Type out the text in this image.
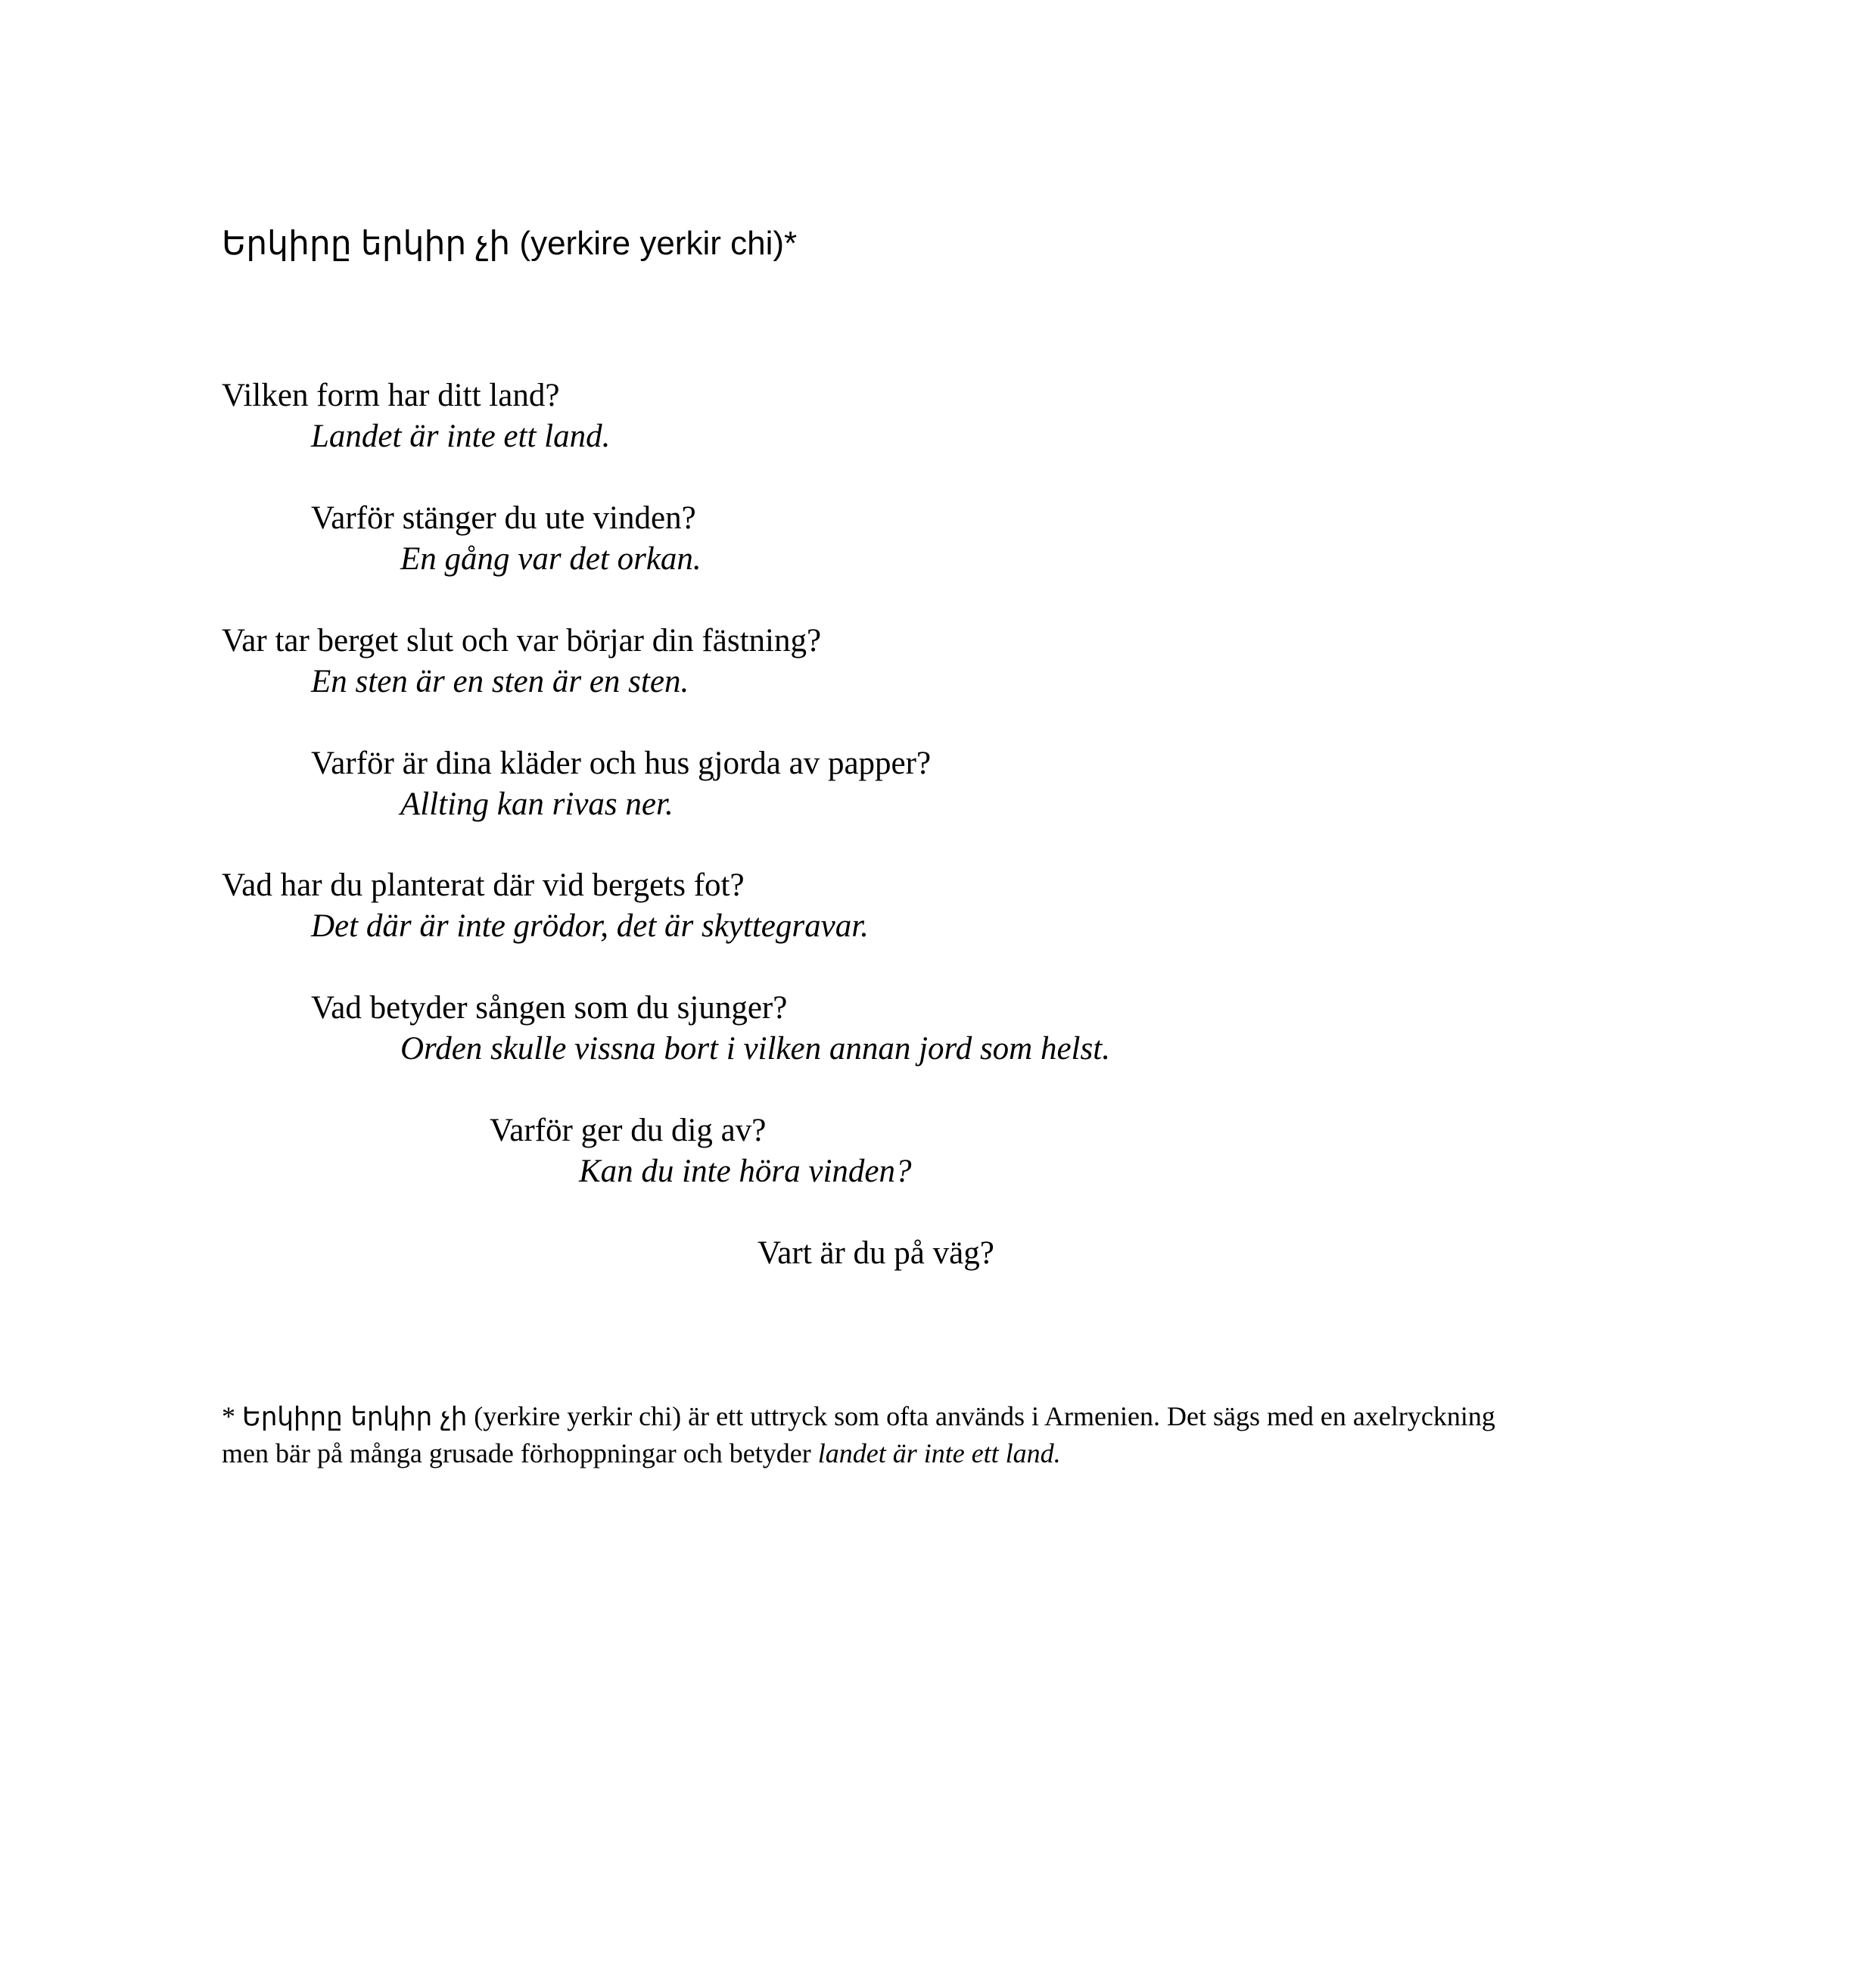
Երկիրը երկիր չի (yerkire yerkir chi)*
Vilken form har ditt land?
Landet är inte ett land.
Varför stänger du ute vinden?
En gång var det orkan.
Var tar berget slut och var börjar din fästning?
En sten är en sten är en sten.
Varför är dina kläder och hus gjorda av papper?
Allting kan rivas ner.
Vad har du planterat där vid bergets fot?
Det där är inte grödor, det är skyttegravar.
Vad betyder sången som du sjunger?
Orden skulle vissna bort i vilken annan jord som helst.
Varför ger du dig av?
Kan du inte höra vinden?
Vart är du på väg?
* Երկիրը երկիր չի (yerkire yerkir chi) är ett uttryck som ofta används i Armenien. Det sägs med en axelryckning
men bär på många grusade förhoppningar och betyder landet är inte ett land.
